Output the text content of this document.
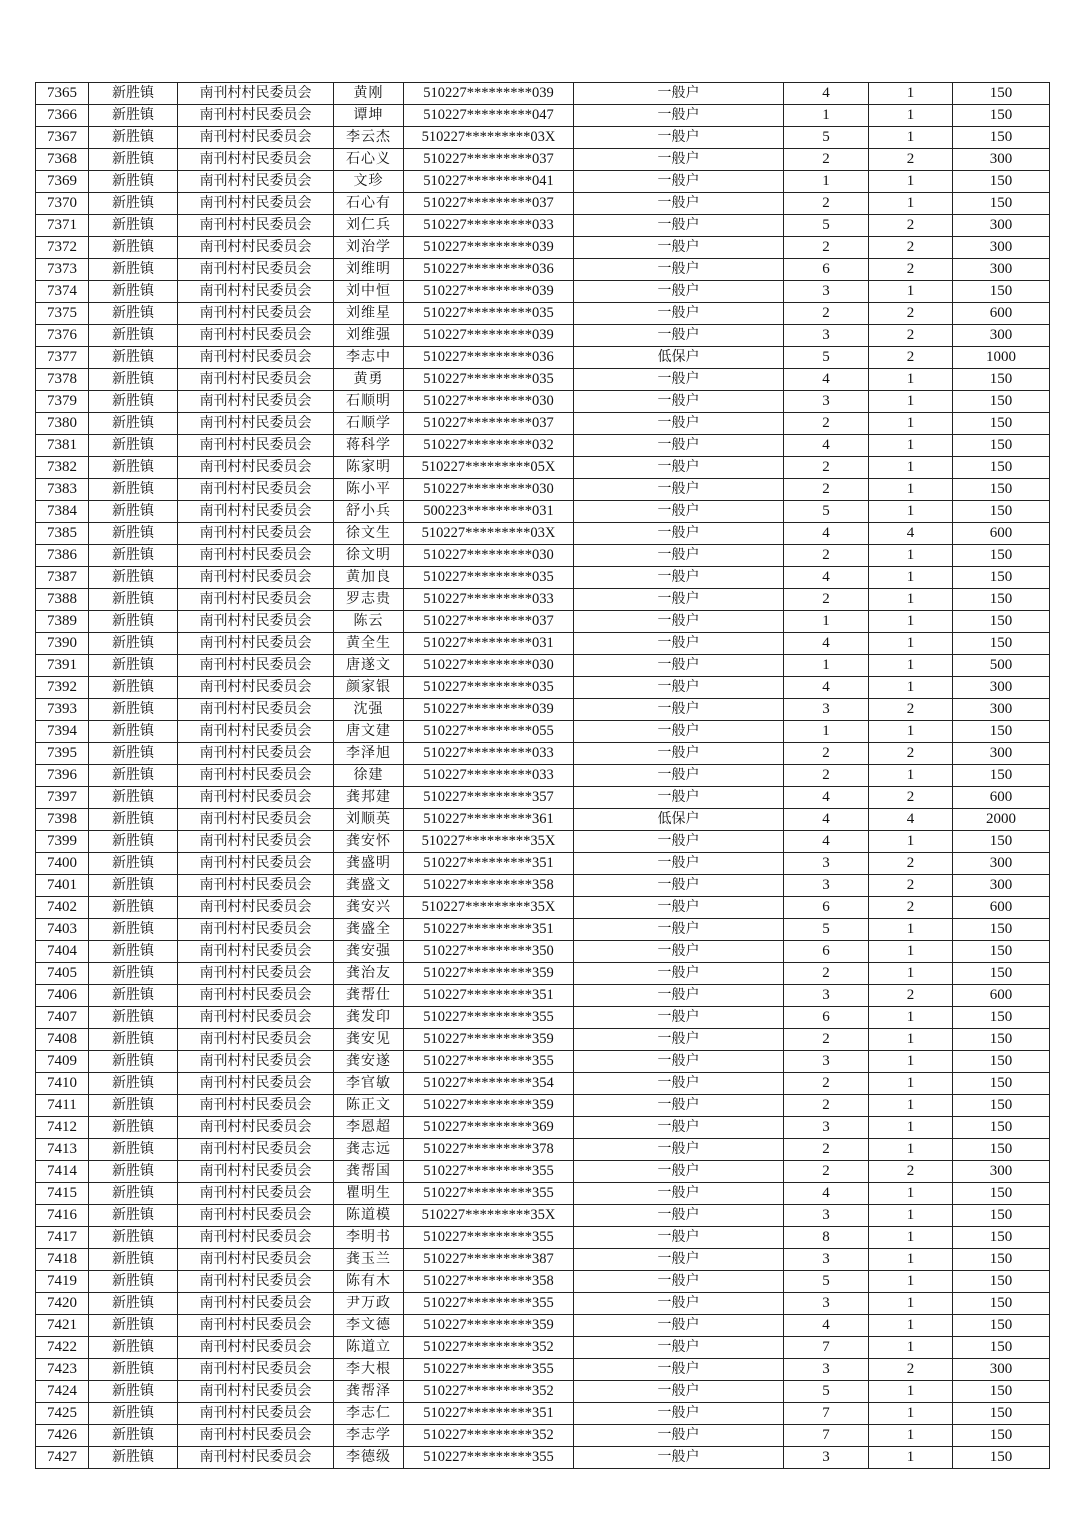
7365	新胜镇	南刊村村民委员会	黄刚	510227*********039	一般户	4	1	150
7366	新胜镇	南刊村村民委员会	谭坤	510227*********047	一般户	1	1	150
7367	新胜镇	南刊村村民委员会	李云杰	510227*********03X	一般户	5	1	150
7368	新胜镇	南刊村村民委员会	石心义	510227*********037	一般户	2	2	300
7369	新胜镇	南刊村村民委员会	文珍	510227*********041	一般户	1	1	150
7370	新胜镇	南刊村村民委员会	石心有	510227*********037	一般户	2	1	150
7371	新胜镇	南刊村村民委员会	刘仁兵	510227*********033	一般户	5	2	300
7372	新胜镇	南刊村村民委员会	刘治学	510227*********039	一般户	2	2	300
7373	新胜镇	南刊村村民委员会	刘维明	510227*********036	一般户	6	2	300
7374	新胜镇	南刊村村民委员会	刘中恒	510227*********039	一般户	3	1	150
7375	新胜镇	南刊村村民委员会	刘维星	510227*********035	一般户	2	2	600
7376	新胜镇	南刊村村民委员会	刘维强	510227*********039	一般户	3	2	300
7377	新胜镇	南刊村村民委员会	李志中	510227*********036	低保户	5	2	1000
7378	新胜镇	南刊村村民委员会	黄勇	510227*********035	一般户	4	1	150
7379	新胜镇	南刊村村民委员会	石顺明	510227*********030	一般户	3	1	150
7380	新胜镇	南刊村村民委员会	石顺学	510227*********037	一般户	2	1	150
7381	新胜镇	南刊村村民委员会	蒋科学	510227*********032	一般户	4	1	150
7382	新胜镇	南刊村村民委员会	陈家明	510227*********05X	一般户	2	1	150
7383	新胜镇	南刊村村民委员会	陈小平	510227*********030	一般户	2	1	150
7384	新胜镇	南刊村村民委员会	舒小兵	500223*********031	一般户	5	1	150
7385	新胜镇	南刊村村民委员会	徐文生	510227*********03X	一般户	4	4	600
7386	新胜镇	南刊村村民委员会	徐文明	510227*********030	一般户	2	1	150
7387	新胜镇	南刊村村民委员会	黄加良	510227*********035	一般户	4	1	150
7388	新胜镇	南刊村村民委员会	罗志贵	510227*********033	一般户	2	1	150
7389	新胜镇	南刊村村民委员会	陈云	510227*********037	一般户	1	1	150
7390	新胜镇	南刊村村民委员会	黄全生	510227*********031	一般户	4	1	150
7391	新胜镇	南刊村村民委员会	唐遂文	510227*********030	一般户	1	1	500
7392	新胜镇	南刊村村民委员会	颜家银	510227*********035	一般户	4	1	300
7393	新胜镇	南刊村村民委员会	沈强	510227*********039	一般户	3	2	300
7394	新胜镇	南刊村村民委员会	唐文建	510227*********055	一般户	1	1	150
7395	新胜镇	南刊村村民委员会	李泽旭	510227*********033	一般户	2	2	300
7396	新胜镇	南刊村村民委员会	徐建	510227*********033	一般户	2	1	150
7397	新胜镇	南刊村村民委员会	龚邦建	510227*********357	一般户	4	2	600
7398	新胜镇	南刊村村民委员会	刘顺英	510227*********361	低保户	4	4	2000
7399	新胜镇	南刊村村民委员会	龚安怀	510227*********35X	一般户	4	1	150
7400	新胜镇	南刊村村民委员会	龚盛明	510227*********351	一般户	3	2	300
7401	新胜镇	南刊村村民委员会	龚盛文	510227*********358	一般户	3	2	300
7402	新胜镇	南刊村村民委员会	龚安兴	510227*********35X	一般户	6	2	600
7403	新胜镇	南刊村村民委员会	龚盛全	510227*********351	一般户	5	1	150
7404	新胜镇	南刊村村民委员会	龚安强	510227*********350	一般户	6	1	150
7405	新胜镇	南刊村村民委员会	龚治友	510227*********359	一般户	2	1	150
7406	新胜镇	南刊村村民委员会	龚帮仕	510227*********351	一般户	3	2	600
7407	新胜镇	南刊村村民委员会	龚发印	510227*********355	一般户	6	1	150
7408	新胜镇	南刊村村民委员会	龚安见	510227*********359	一般户	2	1	150
7409	新胜镇	南刊村村民委员会	龚安遂	510227*********355	一般户	3	1	150
7410	新胜镇	南刊村村民委员会	李官敏	510227*********354	一般户	2	1	150
7411	新胜镇	南刊村村民委员会	陈正文	510227*********359	一般户	2	1	150
7412	新胜镇	南刊村村民委员会	李恩超	510227*********369	一般户	3	1	150
7413	新胜镇	南刊村村民委员会	龚志远	510227*********378	一般户	2	1	150
7414	新胜镇	南刊村村民委员会	龚帮国	510227*********355	一般户	2	2	300
7415	新胜镇	南刊村村民委员会	瞿明生	510227*********355	一般户	4	1	150
7416	新胜镇	南刊村村民委员会	陈道模	510227*********35X	一般户	3	1	150
7417	新胜镇	南刊村村民委员会	李明书	510227*********355	一般户	8	1	150
7418	新胜镇	南刊村村民委员会	龚玉兰	510227*********387	一般户	3	1	150
7419	新胜镇	南刊村村民委员会	陈有木	510227*********358	一般户	5	1	150
7420	新胜镇	南刊村村民委员会	尹万政	510227*********355	一般户	3	1	150
7421	新胜镇	南刊村村民委员会	李文德	510227*********359	一般户	4	1	150
7422	新胜镇	南刊村村民委员会	陈道立	510227*********352	一般户	7	1	150
7423	新胜镇	南刊村村民委员会	李大根	510227*********355	一般户	3	2	300
7424	新胜镇	南刊村村民委员会	龚帮泽	510227*********352	一般户	5	1	150
7425	新胜镇	南刊村村民委员会	李志仁	510227*********351	一般户	7	1	150
7426	新胜镇	南刊村村民委员会	李志学	510227*********352	一般户	7	1	150
7427	新胜镇	南刊村村民委员会	李德级	510227*********355	一般户	3	1	150
